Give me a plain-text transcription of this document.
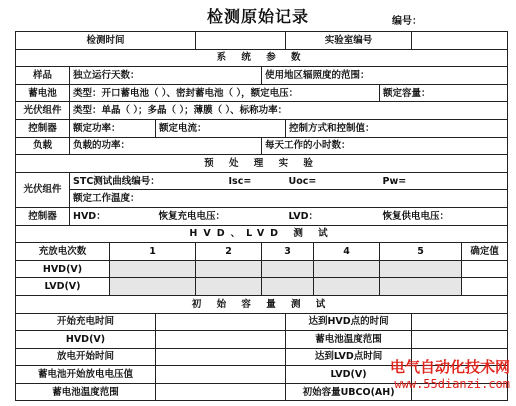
检测原始记录	编号：
检测时间							实验室编号				
系 统 参 数											
样品	独立运行天数：					使用地区辐照度的范围：					
蓄电池	类型：开口蓄电池（ ）、密封蓄电池（ ），额定电压：								额定容量：		
光伏组件	类型：单晶（ ）；多晶（ ）；薄膜（ ）、标称功率：										
控制器	额定功率：		额定电流：				控制方式和控制值：				
负载	负载的功率：					每天工作的小时数：					
预 处 理 实 验											
光伏组件	STC测试曲线编号：				Isc=		Uoc=		Pw=		
	额定工作温度：										
控制器	HVD：		恢复充电电压：				LVD：		恢复供电电压：		
HVD、LVD 测 试											
充放电次数		1		2		3		4	5		确定值
HVD(V)											
LVD(V)											
初 始 容 量 测 试											
开始充电时间							达到HVD点的时间				
HVD(V)							蓄电池温度范围				
放电开始时间							达到LVD点时间				
蓄电池开始放电电压值							LVD(V)				
蓄电池温度范围							初始容量UBCO(AH)				
电气自动化技术网
www.55dianzi.com
